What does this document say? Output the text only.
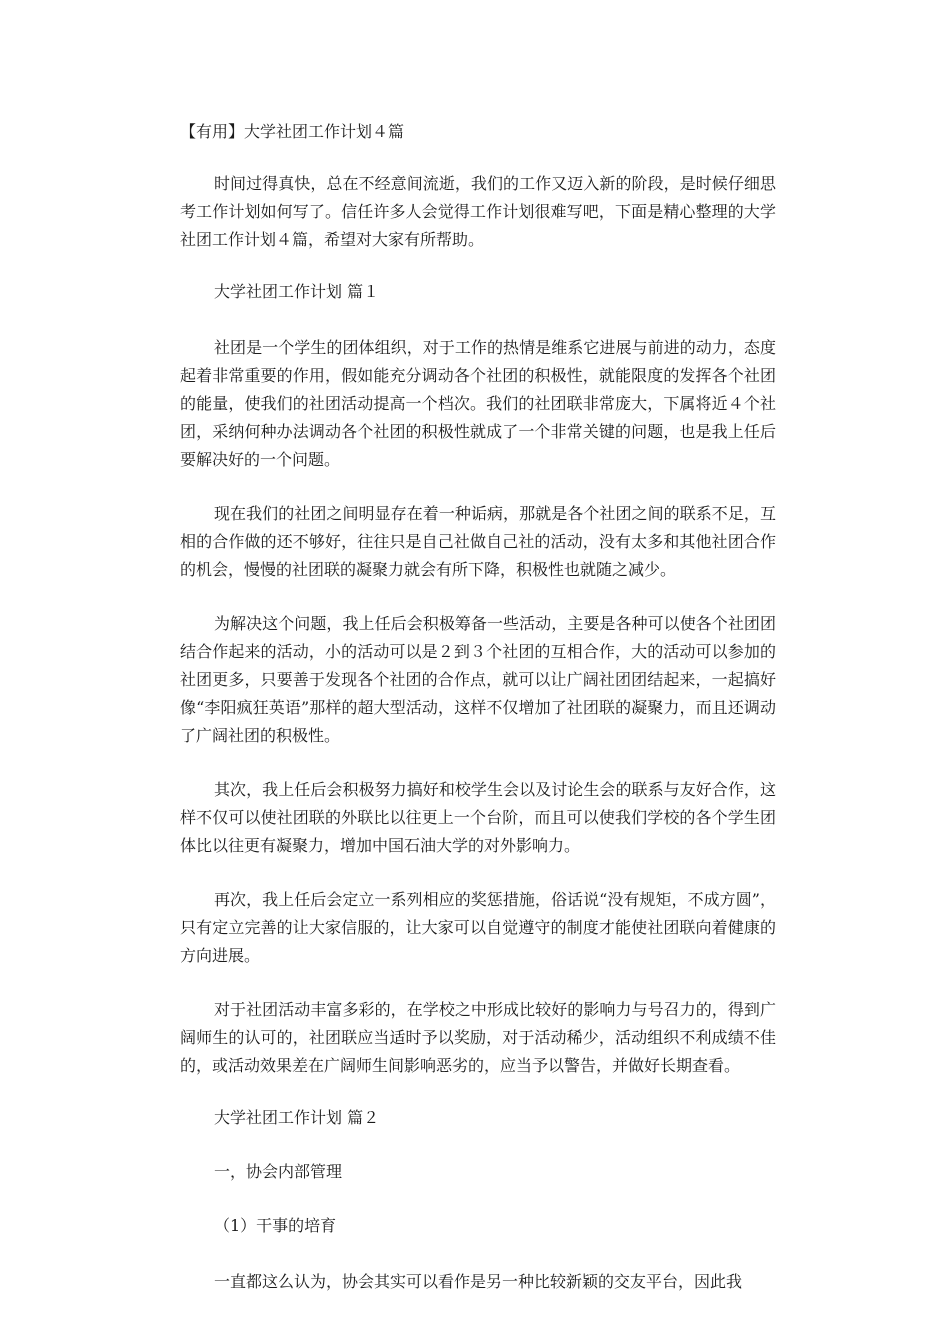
【有用】大学社团工作计划４篇

时间过得真快，总在不经意间流逝，我们的工作又迈入新的阶段，是时候仔细思考工作计划如何写了。信任许多人会觉得工作计划很难写吧，下面是精心整理的大学社团工作计划４篇，希望对大家有所帮助。

大学社团工作计划 篇１

社团是一个学生的团体组织，对于工作的热情是维系它进展与前进的动力，态度起着非常重要的作用，假如能充分调动各个社团的积极性，就能限度的发挥各个社团的能量，使我们的社团活动提高一个档次。我们的社团联非常庞大，下属将近４个社团，采纳何种办法调动各个社团的积极性就成了一个非常关键的问题，也是我上任后要解决好的一个问题。

现在我们的社团之间明显存在着一种诟病，那就是各个社团之间的联系不足，互相的合作做的还不够好，往往只是自己社做自己社的活动，没有太多和其他社团合作的机会，慢慢的社团联的凝聚力就会有所下降，积极性也就随之减少。

为解决这个问题，我上任后会积极筹备一些活动，主要是各种可以使各个社团团结合作起来的活动，小的活动可以是２到３个社团的互相合作，大的活动可以参加的社团更多，只要善于发现各个社团的合作点，就可以让广阔社团团结起来，一起搞好像“李阳疯狂英语”那样的超大型活动，这样不仅增加了社团联的凝聚力，而且还调动了广阔社团的积极性。

其次，我上任后会积极努力搞好和校学生会以及讨论生会的联系与友好合作，这样不仅可以使社团联的外联比以往更上一个台阶，而且可以使我们学校的各个学生团体比以往更有凝聚力，增加中国石油大学的对外影响力。

再次，我上任后会定立一系列相应的奖惩措施，俗话说“没有规矩，不成方圆”，只有定立完善的让大家信服的，让大家可以自觉遵守的制度才能使社团联向着健康的方向进展。

对于社团活动丰富多彩的，在学校之中形成比较好的影响力与号召力的，得到广阔师生的认可的，社团联应当适时予以奖励，对于活动稀少，活动组织不利成绩不佳的，或活动效果差在广阔师生间影响恶劣的，应当予以警告，并做好长期查看。

大学社团工作计划 篇２
一，协会内部管理
（1）干事的培育

一直都这么认为，协会其实可以看作是另一种比较新颖的交友平台，因此我
